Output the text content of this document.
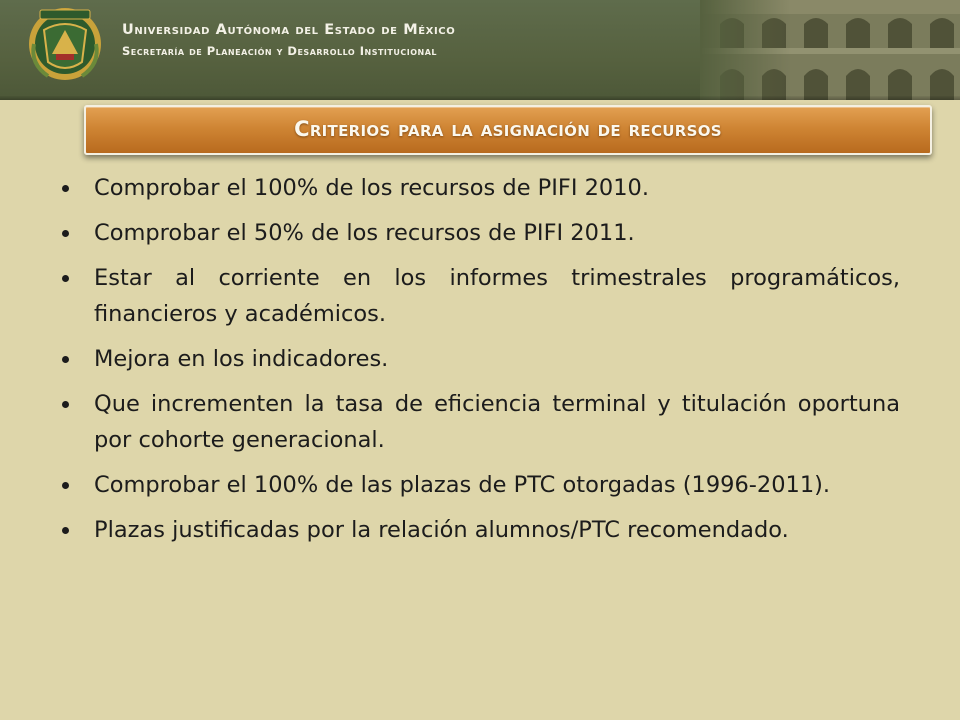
Universidad Autónoma del Estado de México
Secretaría de Planeación y Desarrollo Institucional
Criterios para la asignación de recursos
Comprobar el 100% de los recursos de PIFI 2010.
Comprobar el 50% de los recursos de PIFI 2011.
Estar al corriente en los informes trimestrales programáticos, financieros y académicos.
Mejora en los indicadores.
Que incrementen la tasa de eficiencia terminal y titulación oportuna por cohorte generacional.
Comprobar el 100% de las plazas de PTC otorgadas (1996-2011).
Plazas justificadas por la relación alumnos/PTC recomendado.
